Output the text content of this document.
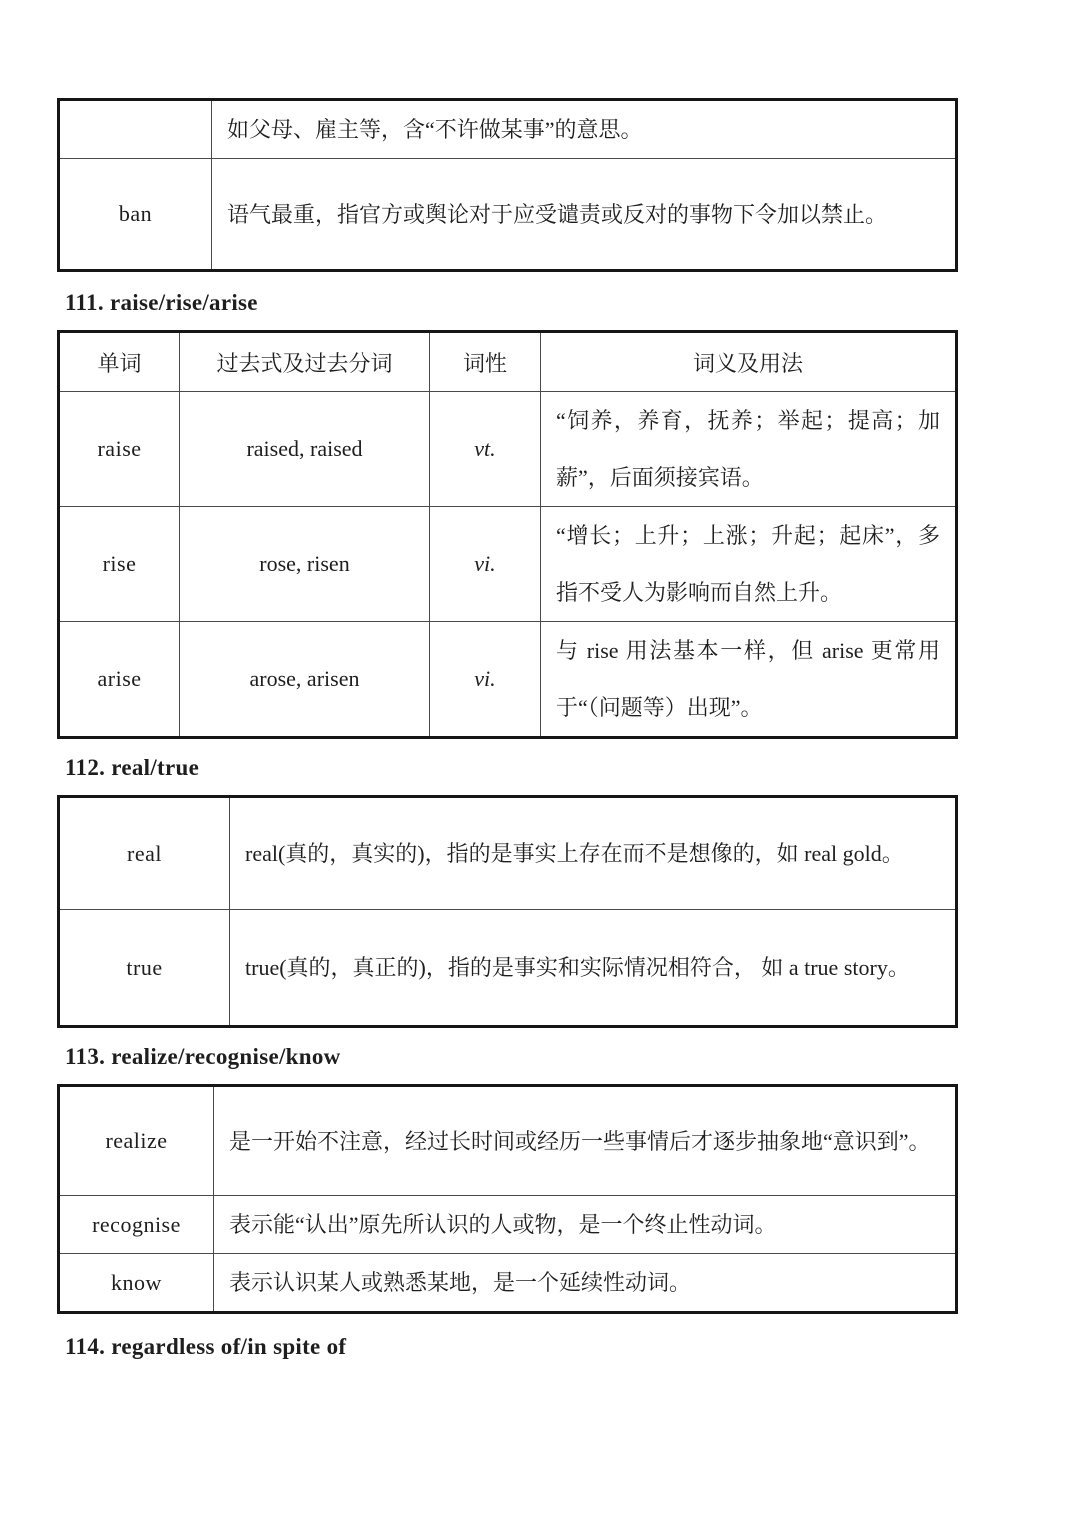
	如父母、雇主等，含“不许做某事”的意思。
ban	语气最重，指官方或舆论对于应受谴责或反对的事物下令加以禁止。
111. raise/rise/arise
单词	过去式及过去分词	词性	词义及用法
raise	raised, raised	vt.	“饲养，养育，抚养；举起；提高；加薪”，后面须接宾语。
rise	rose, risen	vi.	“增长；上升；上涨；升起；起床”，多指不受人为影响而自然上升。
arise	arose, arisen	vi.	与 rise 用法基本一样，但 arise 更常用于“（问题等）出现”。
112. real/true
real	real(真的，真实的)，指的是事实上存在而不是想像的，如 real gold。
true	true(真的，真正的)，指的是事实和实际情况相符合， 如 a true story。
113. realize/recognise/know
realize	是一开始不注意，经过长时间或经历一些事情后才逐步抽象地“意识到”。
recognise	表示能“认出”原先所认识的人或物，是一个终止性动词。
know	表示认识某人或熟悉某地，是一个延续性动词。
114. regardless of/in spite of
